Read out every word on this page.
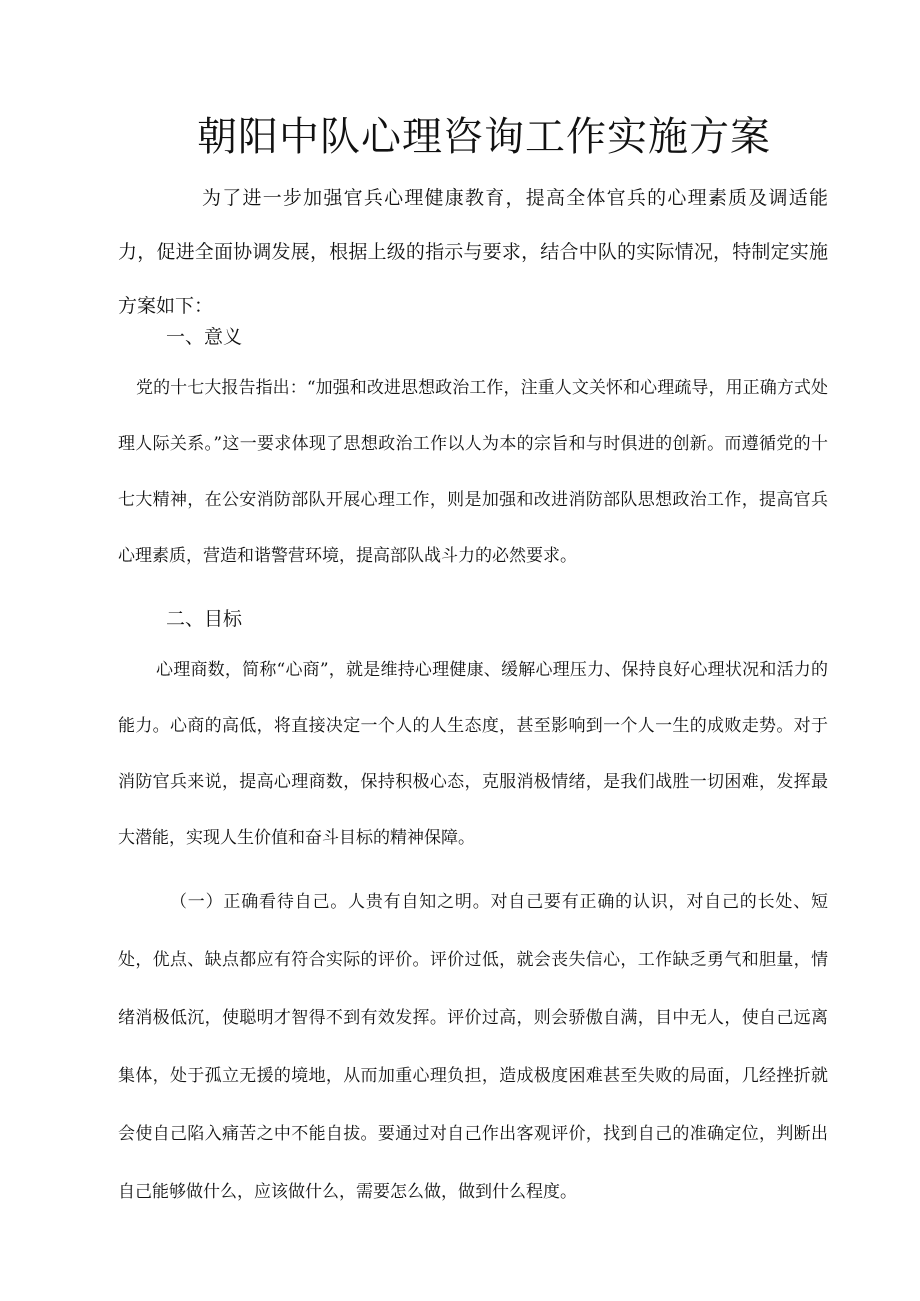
朝阳中队心理咨询工作实施方案

为了进一步加强官兵心理健康教育，提高全体官兵的心理素质及调适能力，促进全面协调发展，根据上级的指示与要求，结合中队的实际情况，特制定实施方案如下：

一、意义

党的十七大报告指出：“加强和改进思想政治工作，注重人文关怀和心理疏导，用正确方式处理人际关系。”这一要求体现了思想政治工作以人为本的宗旨和与时俱进的创新。而遵循党的十七大精神，在公安消防部队开展心理工作，则是加强和改进消防部队思想政治工作，提高官兵心理素质，营造和谐警营环境，提高部队战斗力的必然要求。

二、目标

心理商数，简称“心商”，就是维持心理健康、缓解心理压力、保持良好心理状况和活力的能力。心商的高低，将直接决定一个人的人生态度，甚至影响到一个人一生的成败走势。对于消防官兵来说，提高心理商数，保持积极心态，克服消极情绪，是我们战胜一切困难，发挥最大潜能，实现人生价值和奋斗目标的精神保障。

（一）正确看待自己。人贵有自知之明。对自己要有正确的认识，对自己的长处、短处，优点、缺点都应有符合实际的评价。评价过低，就会丧失信心，工作缺乏勇气和胆量，情绪消极低沉，使聪明才智得不到有效发挥。评价过高，则会骄傲自满，目中无人，使自己远离集体，处于孤立无援的境地，从而加重心理负担，造成极度困难甚至失败的局面，几经挫折就会使自己陷入痛苦之中不能自拔。要通过对自己作出客观评价，找到自己的准确定位，判断出自己能够做什么，应该做什么，需要怎么做，做到什么程度。
